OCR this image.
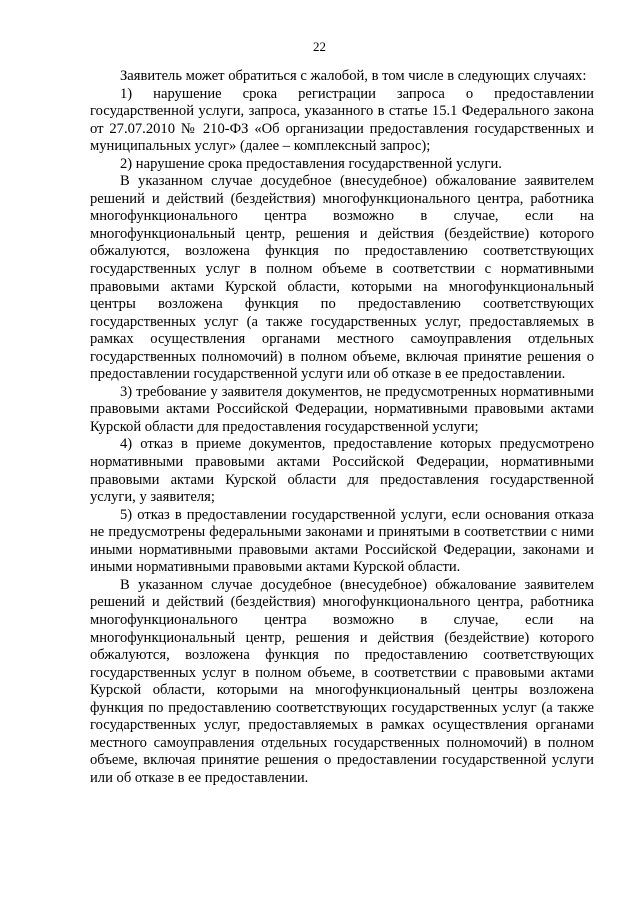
22

Заявитель может обратиться с жалобой, в том числе в следующих случаях:

1) нарушение срока регистрации запроса о предоставлении государственной услуги, запроса, указанного в статье 15.1 Федерального закона от 27.07.2010 № 210-ФЗ «Об организации предоставления государственных и муниципальных услуг» (далее – комплексный запрос);

2) нарушение срока предоставления государственной услуги.

В указанном случае досудебное (внесудебное) обжалование заявителем решений и действий (бездействия) многофункционального центра, работника многофункционального центра возможно в случае, если на многофункциональный центр, решения и действия (бездействие) которого обжалуются, возложена функция по предоставлению соответствующих государственных услуг в полном объеме в соответствии с нормативными правовыми актами Курской области, которыми на многофункциональный центры возложена функция по предоставлению соответствующих государственных услуг (а также государственных услуг, предоставляемых в рамках осуществления органами местного самоуправления отдельных государственных полномочий) в полном объеме, включая принятие решения о предоставлении государственной услуги или об отказе в ее предоставлении.

3) требование у заявителя документов, не предусмотренных нормативными правовыми актами Российской Федерации, нормативными правовыми актами Курской области для предоставления государственной услуги;

4) отказ в приеме документов, предоставление которых предусмотрено нормативными правовыми актами Российской Федерации, нормативными правовыми актами Курской области для предоставления государственной услуги, у заявителя;

5) отказ в предоставлении государственной услуги, если основания отказа не предусмотрены федеральными законами и принятыми в соответствии с ними иными нормативными правовыми актами Российской Федерации, законами и иными нормативными правовыми актами Курской области.

В указанном случае досудебное (внесудебное) обжалование заявителем решений и действий (бездействия) многофункционального центра, работника многофункционального центра возможно в случае, если на многофункциональный центр, решения и действия (бездействие) которого обжалуются, возложена функция по предоставлению соответствующих государственных услуг в полном объеме, в соответствии с правовыми актами Курской области, которыми на многофункциональный центры возложена функция по предоставлению соответствующих государственных услуг (а также государственных услуг, предоставляемых в рамках осуществления органами местного самоуправления отдельных государственных полномочий) в полном объеме, включая принятие решения о предоставлении государственной услуги или об отказе в ее предоставлении.
